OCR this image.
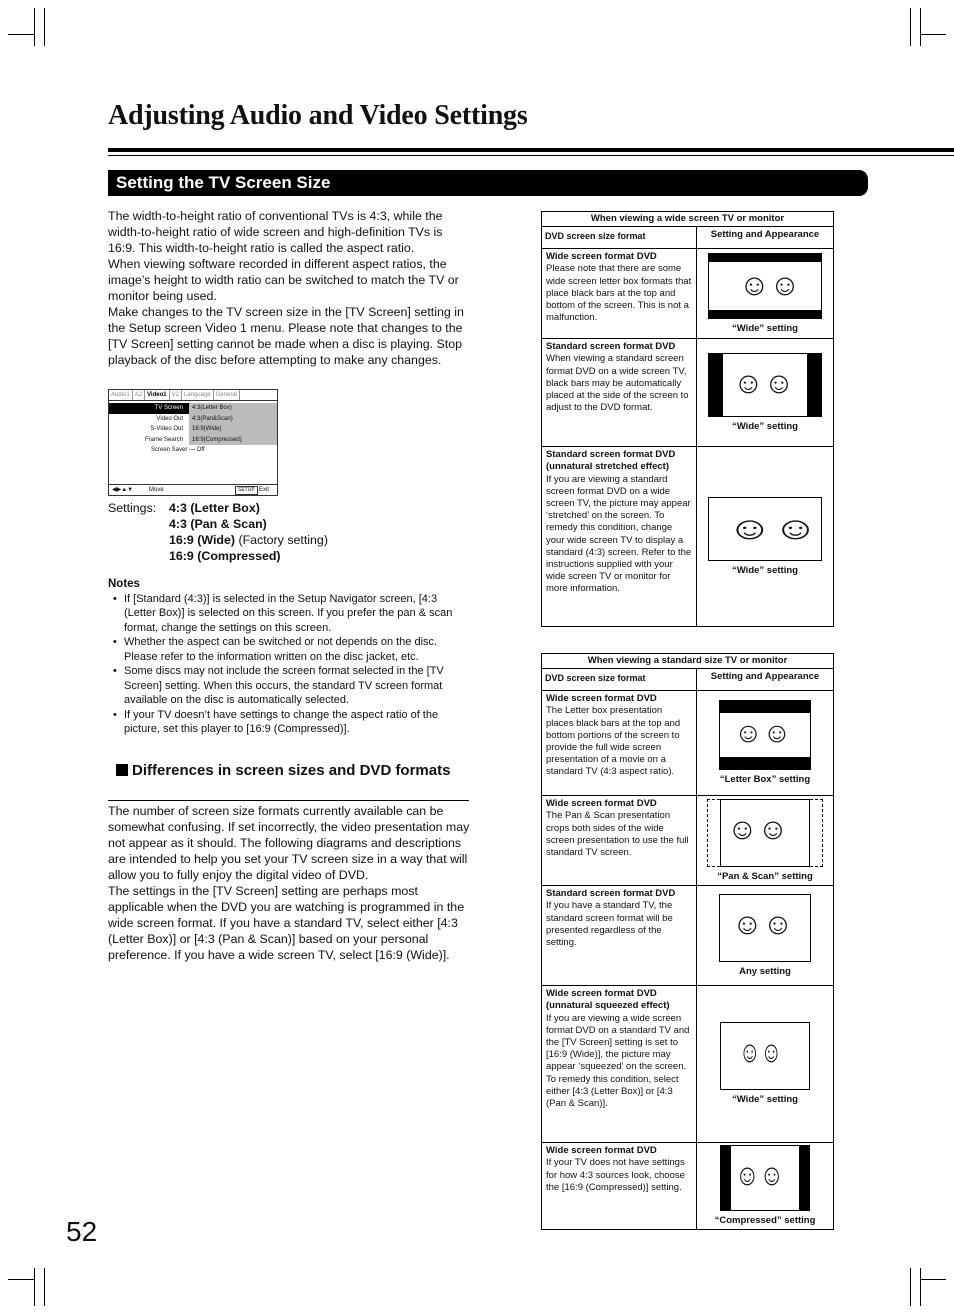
Adjusting Audio and Video Settings
Setting the TV Screen Size

The width-to-height ratio of conventional TVs is 4:3, while the width-to-height ratio of wide screen and high-definition TVs is 16:9. This width-to-height ratio is called the aspect ratio.

When viewing software recorded in different aspect ratios, the image’s height to width ratio can be switched to match the TV or monitor being used.

Make changes to the TV screen size in the [TV Screen] setting in the Setup screen Video 1 menu. Please note that changes to the [TV Screen] setting cannot be made when a disc is playing. Stop playback of the disc before attempting to make any changes.

Audio1 A2 Video1 V2 Language General
TV Screen	4:3(Letter Box)
Video Out	4:3(Pan&Scan)
S-Video Out	16:9(Wide)
Frame Search	16:9(Compressed)
Screen Saver — Off
◀▶▲▼	Move	SETUP Exit
Settings: 4:3 (Letter Box)
4:3 (Pan & Scan)
16:9 (Wide) (Factory setting)
16:9 (Compressed)
Notes
• If [Standard (4:3)] is selected in the Setup Navigator screen, [4:3 (Letter Box)] is selected on this screen. If you prefer the pan & scan format, change the settings on this screen.
• Whether the aspect can be switched or not depends on the disc. Please refer to the information written on the disc jacket, etc.
• Some discs may not include the screen format selected in the [TV Screen] setting. When this occurs, the standard TV screen format available on the disc is automatically selected.
• If your TV doesn’t have settings to change the aspect ratio of the picture, set this player to [16:9 (Compressed)].
Differences in screen sizes and DVD formats

The number of screen size formats currently available can be somewhat confusing. If set incorrectly, the video presentation may not appear as it should. The following diagrams and descriptions are intended to help you set your TV screen size in a way that will allow you to fully enjoy the digital video of DVD.

The settings in the [TV Screen] setting are perhaps most applicable when the DVD you are watching is programmed in the wide screen format. If you have a standard TV, select either [4:3 (Letter Box)] or [4:3 (Pan & Scan)] based on your personal preference. If you have a wide screen TV, select [16:9 (Wide)].

When viewing a wide screen TV or monitor	
DVD screen size format	Setting and Appearance

Wide screen format DVD
Please note that there are some wide screen letter box formats that place black bars at the top and bottom of the screen. This is not a malfunction.	☺☺
“Wide” setting

Standard screen format DVD
When viewing a standard screen format DVD on a wide screen TV, black bars may be automatically placed at the side of the screen to adjust to the DVD format.	☺☺
“Wide” setting

Standard screen format DVD
(unnatural stretched effect)
If you are viewing a standard screen format DVD on a wide screen TV, the picture may appear ‘stretched’ on the screen. To remedy this condition, change your wide screen TV to display a standard (4:3) screen. Refer to the instructions supplied with your wide screen TV or monitor for more information.	☺☺
“Wide” setting
When viewing a standard size TV or monitor	
DVD screen size format	Setting and Appearance

Wide screen format DVD
The Letter box presentation places black bars at the top and bottom portions of the screen to provide the full wide screen presentation of a movie on a standard TV (4:3 aspect ratio).	☺☺
“Letter Box” setting

Wide screen format DVD
The Pan & Scan presentation crops both sides of the wide screen presentation to use the full standard TV screen.	☺☺
“Pan & Scan” setting

Standard screen format DVD
If you have a standard TV, the standard screen format will be presented regardless of the setting.	☺☺
Any setting

Wide screen format DVD
(unnatural squeezed effect)
If you are viewing a wide screen format DVD on a standard TV and the [TV Screen] setting is set to [16:9 (Wide)], the picture may appear ‘squeezed’ on the screen. To remedy this condition, select either [4:3 (Letter Box)] or [4:3 (Pan & Scan)].	☺☺
“Wide” setting

Wide screen format DVD
If your TV does not have settings for how 4:3 sources look, choose the [16:9 (Compressed)] setting.	☺☺
“Compressed” setting
52
